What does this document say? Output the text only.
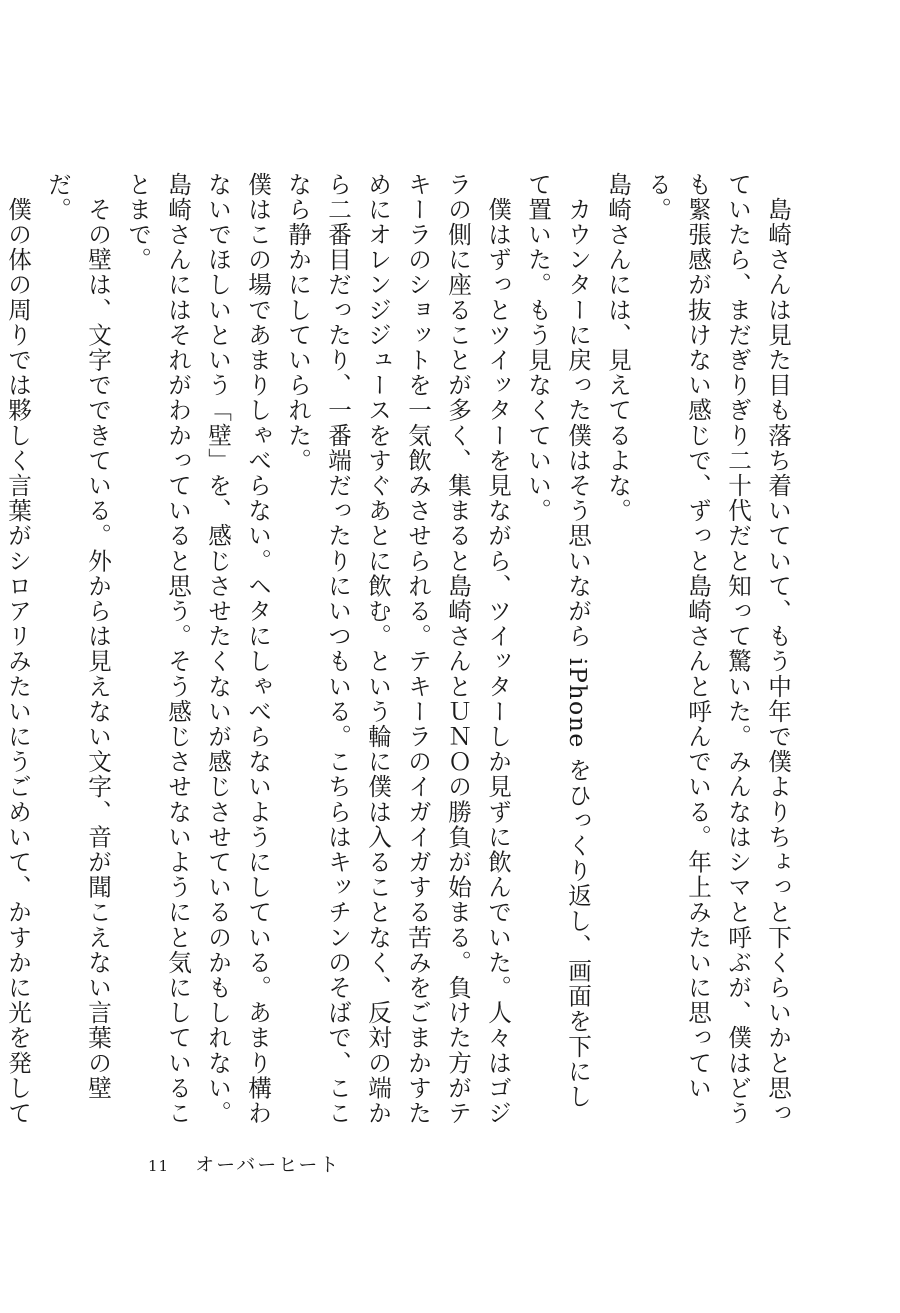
島崎さんは見た目も落ち着いていて、もう中年で僕よりちょっと下くらいかと思っていたら、まだぎりぎり二十代だと知って驚いた。みんなはシマと呼ぶが、僕はどうも緊張感が抜けない感じで、ずっと島崎さんと呼んでいる。年上みたいに思っている。

島崎さんには、見えてるよな。

カウンターに戻った僕はそう思いながら iPhone をひっくり返し、画面を下にして置いた。もう見なくていい。

僕はずっとツイッターを見ながら、ツイッターしか見ずに飲んでいた。人々はゴジラの側に座ることが多く、集まると島崎さんとＵＮＯの勝負が始まる。負けた方がテキーラのショットを一気飲みさせられる。テキーラのイガイガする苦みをごまかすためにオレンジジュースをすぐあとに飲む。という輪に僕は入ることなく、反対の端から二番目だったり、一番端だったりにいつもいる。こちらはキッチンのそばで、ここなら静かにしていられた。

僕はこの場であまりしゃべらない。ヘタにしゃべらないようにしている。あまり構わないでほしいという「壁」を、感じさせたくないが感じさせているのかもしれない。島崎さんにはそれがわかっていると思う。そう感じさせないようにと気にしていることまで。

その壁は、文字でできている。外からは見えない文字、音が聞こえない言葉の壁だ。

僕の体の周りでは夥しく言葉がシロアリみたいにうごめいて、かすかに光を発して

11 オーバーヒート
